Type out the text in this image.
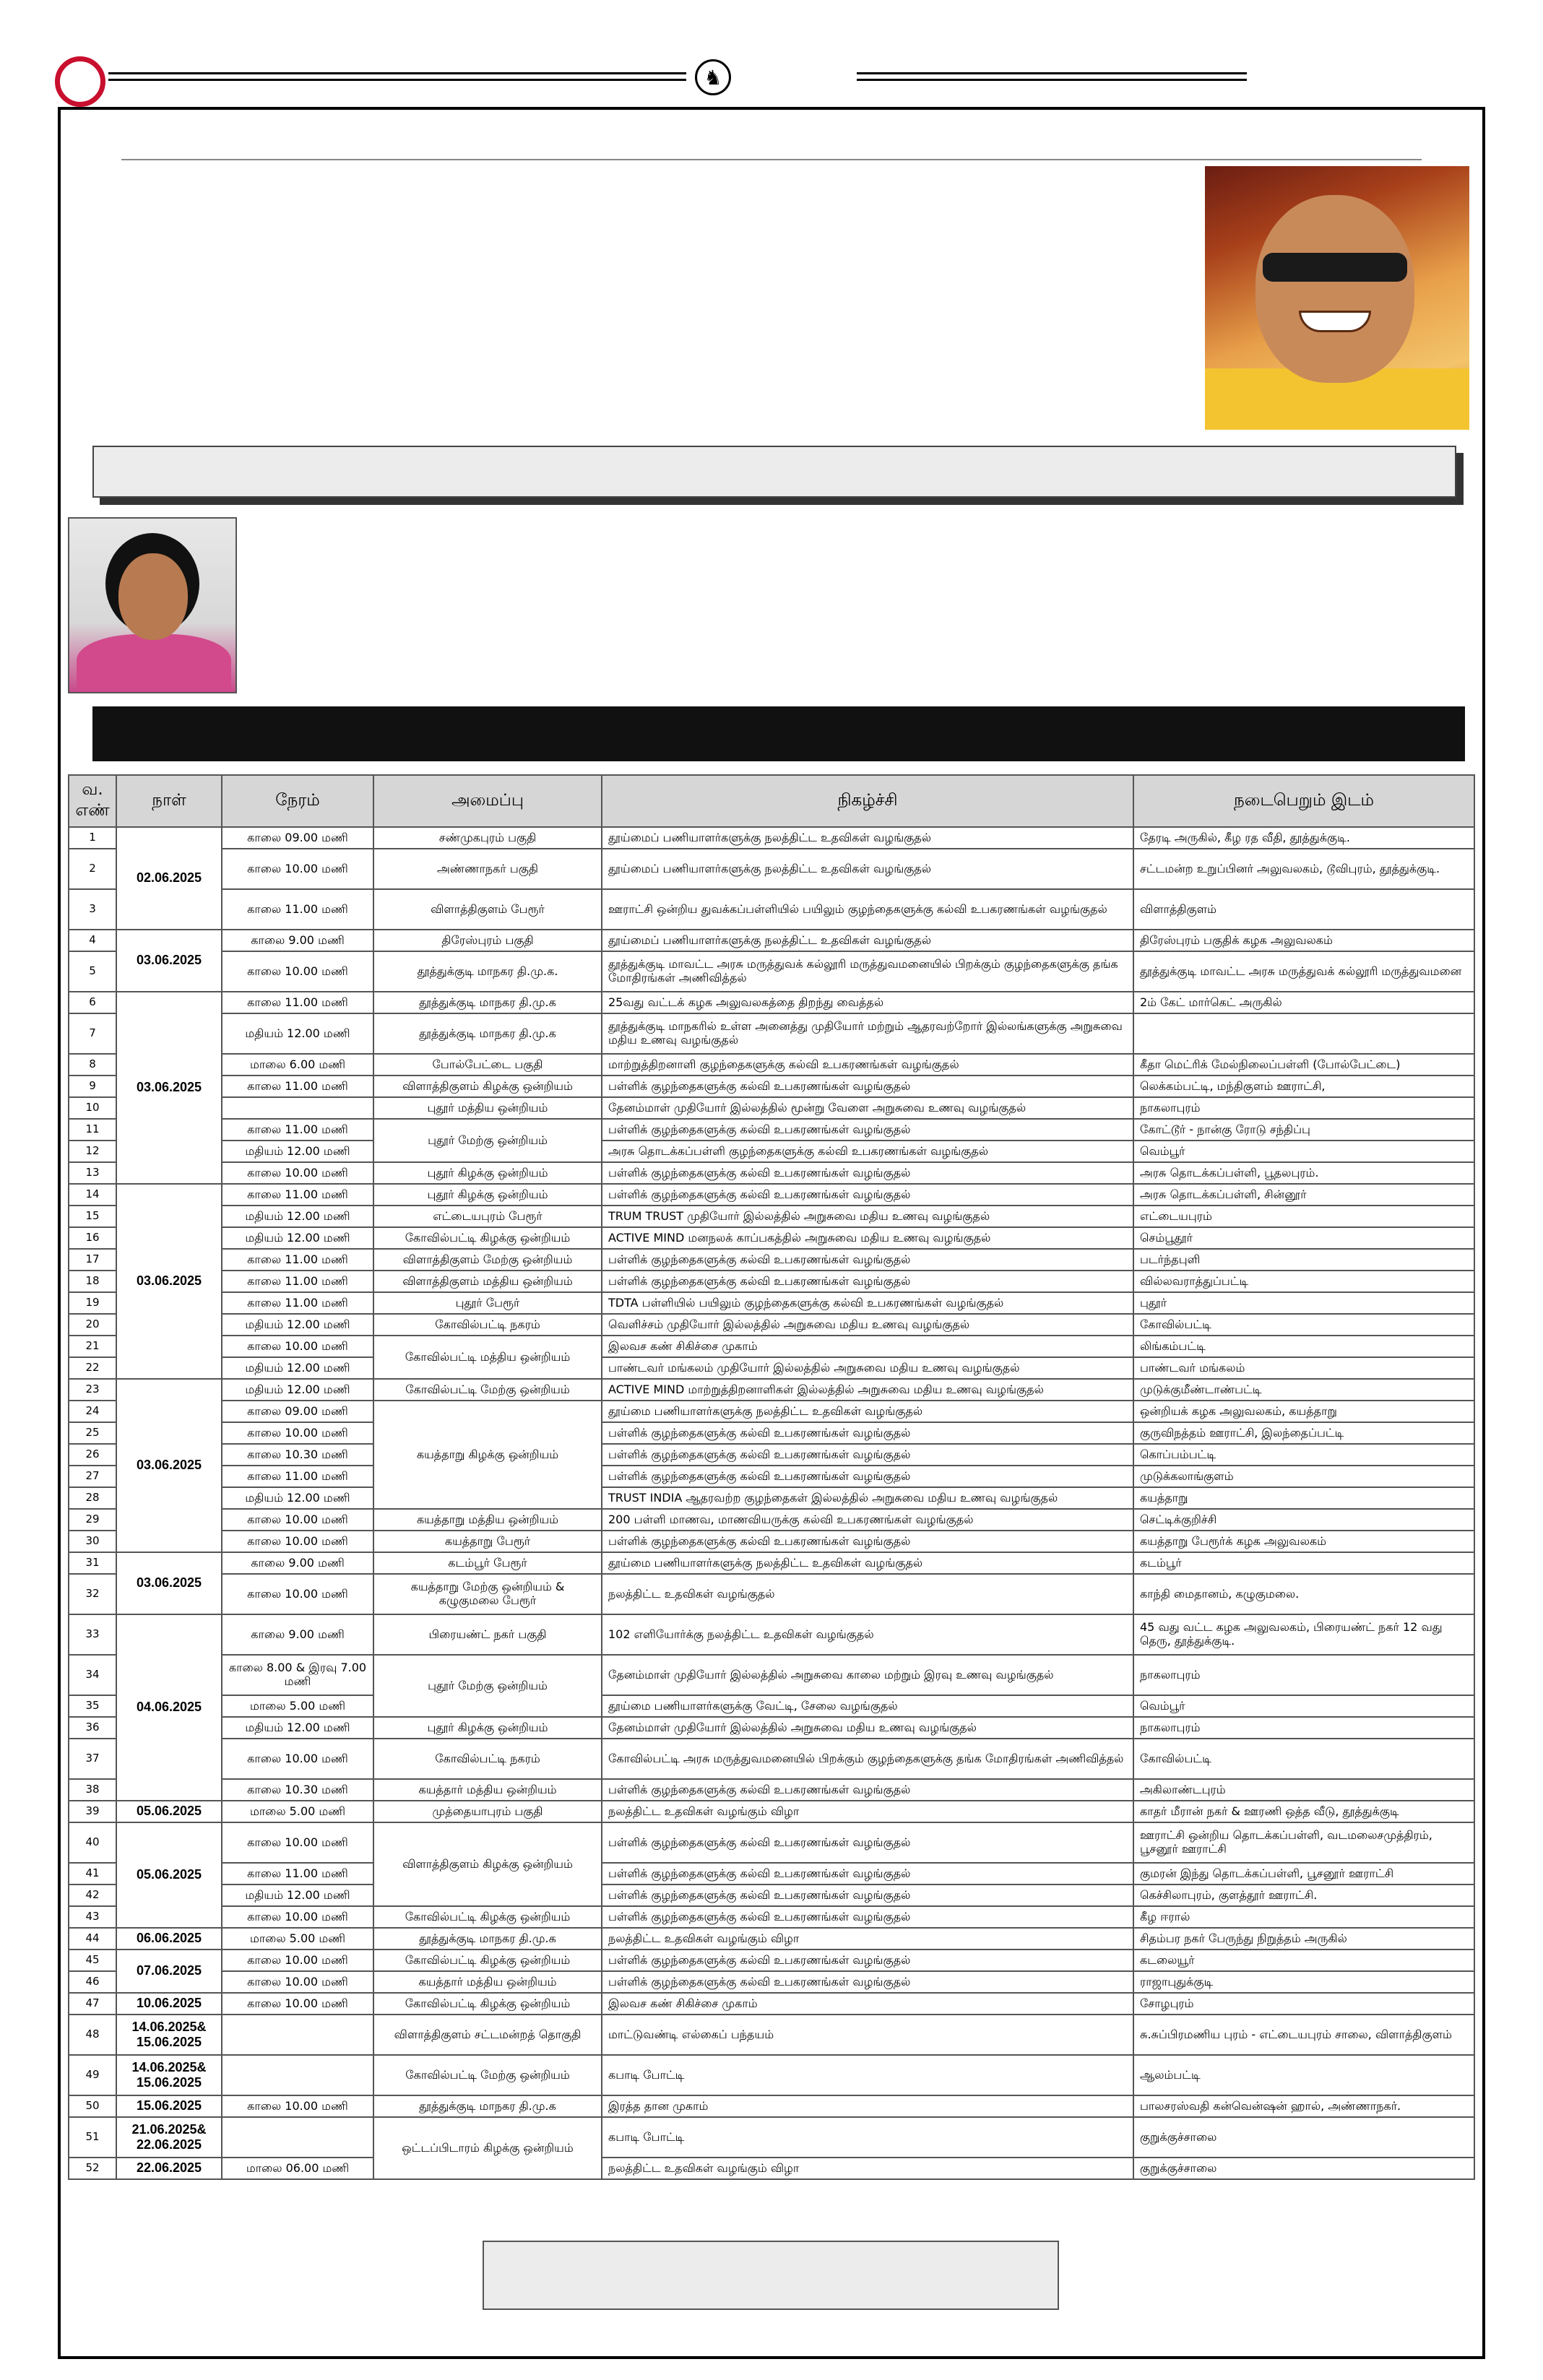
♞
வ. எண்	நாள்	நேரம்	அமைப்பு	நிகழ்ச்சி	நடைபெறும் இடம்
1	02.06.2025	காலை 09.00 மணி	சண்முகபுரம் பகுதி	தூய்மைப் பணியாளர்களுக்கு நலத்திட்ட உதவிகள் வழங்குதல்	தேரடி அருகில், கீழ ரத வீதி, தூத்துக்குடி.
2		காலை 10.00 மணி	அண்ணாநகர் பகுதி	தூய்மைப் பணியாளர்களுக்கு நலத்திட்ட உதவிகள் வழங்குதல்	சட்டமன்ற உறுப்பினர் அலுவலகம், டூவிபுரம், தூத்துக்குடி.
3		காலை 11.00 மணி	விளாத்திகுளம் பேரூர்	ஊராட்சி ஒன்றிய துவக்கப்பள்ளியில் பயிலும் குழந்தைகளுக்கு கல்வி உபகரணங்கள் வழங்குதல்	விளாத்திகுளம்
4	03.06.2025	காலை 9.00 மணி	திரேஸ்புரம் பகுதி	தூய்மைப் பணியாளர்களுக்கு நலத்திட்ட உதவிகள் வழங்குதல்	திரேஸ்புரம் பகுதிக் கழக அலுவலகம்
5		காலை 10.00 மணி	தூத்துக்குடி மாநகர தி.மு.க.	தூத்துக்குடி மாவட்ட அரசு மருத்துவக் கல்லூரி மருத்துவமனையில் பிறக்கும் குழந்தைகளுக்கு தங்க மோதிரங்கள் அணிவித்தல்	தூத்துக்குடி மாவட்ட அரசு மருத்துவக் கல்லூரி மருத்துவமனை
6	03.06.2025	காலை 11.00 மணி	தூத்துக்குடி மாநகர தி.மு.க	25வது வட்டக் கழக அலுவலகத்தை திறந்து வைத்தல்	2ம் கேட் மார்கெட் அருகில்
7		மதியம் 12.00 மணி	தூத்துக்குடி மாநகர தி.மு.க	தூத்துக்குடி மாநகரில் உள்ள அனைத்து முதியோர் மற்றும் ஆதரவற்றோர் இல்லங்களுக்கு அறுசுவை மதிய உணவு வழங்குதல்	
8		மாலை 6.00 மணி	போல்பேட்டை பகுதி	மாற்றுத்திறனாளி குழந்தைகளுக்கு கல்வி உபகரணங்கள் வழங்குதல்	கீதா மெட்ரிக் மேல்நிலைப்பள்ளி (போல்பேட்டை)
9		காலை 11.00 மணி	விளாத்திகுளம் கிழக்கு ஒன்றியம்	பள்ளிக் குழந்தைகளுக்கு கல்வி உபகரணங்கள் வழங்குதல்	லெக்கம்பட்டி, மந்திகுளம் ஊராட்சி,
10			புதூர் மத்திய ஒன்றியம்	தேனம்மாள் முதியோர் இல்லத்தில் மூன்று வேளை அறுசுவை உணவு வழங்குதல்	நாகலாபுரம்
11		காலை 11.00 மணி	புதூர் மேற்கு ஒன்றியம்	பள்ளிக் குழந்தைகளுக்கு கல்வி உபகரணங்கள் வழங்குதல்	கோட்டூர் - நான்கு ரோடு சந்திப்பு
12		மதியம் 12.00 மணி		அரசு தொடக்கப்பள்ளி குழந்தைகளுக்கு கல்வி உபகரணங்கள் வழங்குதல்	வெம்பூர்
13		காலை 10.00 மணி	புதூர் கிழக்கு ஒன்றியம்	பள்ளிக் குழந்தைகளுக்கு கல்வி உபகரணங்கள் வழங்குதல்	அரசு தொடக்கப்பள்ளி, பூதலபுரம்.
14	03.06.2025	காலை 11.00 மணி	புதூர் கிழக்கு ஒன்றியம்	பள்ளிக் குழந்தைகளுக்கு கல்வி உபகரணங்கள் வழங்குதல்	அரசு தொடக்கப்பள்ளி, சின்னூர்
15		மதியம் 12.00 மணி	எட்டையபுரம் பேரூர்	TRUM TRUST முதியோர் இல்லத்தில் அறுசுவை மதிய உணவு வழங்குதல்	எட்டையபுரம்
16		மதியம் 12.00 மணி	கோவில்பட்டி கிழக்கு ஒன்றியம்	ACTIVE MIND மனநலக் காப்பகத்தில் அறுசுவை மதிய உணவு வழங்குதல்	செம்பூதூர்
17		காலை 11.00 மணி	விளாத்திகுளம் மேற்கு ஒன்றியம்	பள்ளிக் குழந்தைகளுக்கு கல்வி உபகரணங்கள் வழங்குதல்	படர்ந்தபுளி
18		காலை 11.00 மணி	விளாத்திகுளம் மத்திய ஒன்றியம்	பள்ளிக் குழந்தைகளுக்கு கல்வி உபகரணங்கள் வழங்குதல்	வில்லவராத்துப்பட்டி
19		காலை 11.00 மணி	புதூர் பேரூர்	TDTA பள்ளியில் பயிலும் குழந்தைகளுக்கு கல்வி உபகரணங்கள் வழங்குதல்	புதூர்
20		மதியம் 12.00 மணி	கோவில்பட்டி நகரம்	வெளிச்சம் முதியோர் இல்லத்தில் அறுசுவை மதிய உணவு வழங்குதல்	கோவில்பட்டி
21		காலை 10.00 மணி	கோவில்பட்டி மத்திய ஒன்றியம்	இலவச கண் சிகிச்சை முகாம்	லிங்கம்பட்டி
22		மதியம் 12.00 மணி		பாண்டவர் மங்கலம் முதியோர் இல்லத்தில் அறுசுவை மதிய உணவு வழங்குதல்	பாண்டவர் மங்கலம்
23	03.06.2025	மதியம் 12.00 மணி	கோவில்பட்டி மேற்கு ஒன்றியம்	ACTIVE MIND மாற்றுத்திறனாளிகள் இல்லத்தில் அறுசுவை மதிய உணவு வழங்குதல்	முடுக்குமீண்டாண்பட்டி
24		காலை 09.00 மணி	கயத்தாறு கிழக்கு ஒன்றியம்	தூய்மை பணியாளர்களுக்கு நலத்திட்ட உதவிகள் வழங்குதல்	ஒன்றியக் கழக அலுவலகம், கயத்தாறு
25		காலை 10.00 மணி		பள்ளிக் குழந்தைகளுக்கு கல்வி உபகரணங்கள் வழங்குதல்	குருவிநத்தம் ஊராட்சி, இலந்தைப்பட்டி
26		காலை 10.30 மணி		பள்ளிக் குழந்தைகளுக்கு கல்வி உபகரணங்கள் வழங்குதல்	கொப்பம்பட்டி
27		காலை 11.00 மணி		பள்ளிக் குழந்தைகளுக்கு கல்வி உபகரணங்கள் வழங்குதல்	முடுக்கலாங்குளம்
28		மதியம் 12.00 மணி		TRUST INDIA ஆதரவற்ற குழந்தைகள் இல்லத்தில் அறுசுவை மதிய உணவு வழங்குதல்	கயத்தாறு
29		காலை 10.00 மணி	கயத்தாறு மத்திய ஒன்றியம்	200 பள்ளி மாணவ, மாணவியருக்கு கல்வி உபகரணங்கள் வழங்குதல்	செட்டிக்குறிச்சி
30		காலை 10.00 மணி	கயத்தாறு பேரூர்	பள்ளிக் குழந்தைகளுக்கு கல்வி உபகரணங்கள் வழங்குதல்	கயத்தாறு பேரூர்க் கழக அலுவலகம்
31	03.06.2025	காலை 9.00 மணி	கடம்பூர் பேரூர்	தூய்மை பணியாளர்களுக்கு நலத்திட்ட உதவிகள் வழங்குதல்	கடம்பூர்
32		காலை 10.00 மணி	கயத்தாறு மேற்கு ஒன்றியம் & கழுகுமலை பேரூர்	நலத்திட்ட உதவிகள் வழங்குதல்	காந்தி மைதானம், கழுகுமலை.
33	04.06.2025	காலை 9.00 மணி	பிரையண்ட் நகர் பகுதி	102 எளியோர்க்கு நலத்திட்ட உதவிகள் வழங்குதல்	45 வது வட்ட கழக அலுவலகம், பிரையண்ட் நகர் 12 வது தெரு, தூத்துக்குடி.
34		காலை 8.00 & இரவு 7.00 மணி	புதூர் மேற்கு ஒன்றியம்	தேனம்மாள் முதியோர் இல்லத்தில் அறுசுவை காலை மற்றும் இரவு உணவு வழங்குதல்	நாகலாபுரம்
35		மாலை 5.00 மணி		தூய்மை பணியாளர்களுக்கு வேட்டி, சேலை வழங்குதல்	வெம்பூர்
36		மதியம் 12.00 மணி	புதூர் கிழக்கு ஒன்றியம்	தேனம்மாள் முதியோர் இல்லத்தில் அறுசுவை மதிய உணவு வழங்குதல்	நாகலாபுரம்
37		காலை 10.00 மணி	கோவில்பட்டி நகரம்	கோவில்பட்டி அரசு மருத்துவமனையில் பிறக்கும் குழந்தைகளுக்கு தங்க மோதிரங்கள் அணிவித்தல்	கோவில்பட்டி
38		காலை 10.30 மணி	கயத்தார் மத்திய ஒன்றியம்	பள்ளிக் குழந்தைகளுக்கு கல்வி உபகரணங்கள் வழங்குதல்	அகிலாண்டபுரம்
39	05.06.2025	மாலை 5.00 மணி	முத்தையாபுரம் பகுதி	நலத்திட்ட உதவிகள் வழங்கும் விழா	காதர் மீரான் நகர் & ஊரணி ஒத்த வீடு, தூத்துக்குடி
40	05.06.2025	காலை 10.00 மணி	விளாத்திகுளம் கிழக்கு ஒன்றியம்	பள்ளிக் குழந்தைகளுக்கு கல்வி உபகரணங்கள் வழங்குதல்	ஊராட்சி ஒன்றிய தொடக்கப்பள்ளி, வடமலைசமுத்திரம், பூசனூர் ஊராட்சி
41		காலை 11.00 மணி		பள்ளிக் குழந்தைகளுக்கு கல்வி உபகரணங்கள் வழங்குதல்	குமரன் இந்து தொடக்கப்பள்ளி, பூசனூர் ஊராட்சி
42		மதியம் 12.00 மணி		பள்ளிக் குழந்தைகளுக்கு கல்வி உபகரணங்கள் வழங்குதல்	கெச்சிலாபுரம், குளத்தூர் ஊராட்சி.
43		காலை 10.00 மணி	கோவில்பட்டி கிழக்கு ஒன்றியம்	பள்ளிக் குழந்தைகளுக்கு கல்வி உபகரணங்கள் வழங்குதல்	கீழ ஈரால்
44	06.06.2025	மாலை 5.00 மணி	தூத்துக்குடி மாநகர தி.மு.க	நலத்திட்ட உதவிகள் வழங்கும் விழா	சிதம்பர நகர் பேருந்து நிறுத்தம் அருகில்
45	07.06.2025	காலை 10.00 மணி	கோவில்பட்டி கிழக்கு ஒன்றியம்	பள்ளிக் குழந்தைகளுக்கு கல்வி உபகரணங்கள் வழங்குதல்	கடலையூர்
46		காலை 10.00 மணி	கயத்தார் மத்திய ஒன்றியம்	பள்ளிக் குழந்தைகளுக்கு கல்வி உபகரணங்கள் வழங்குதல்	ராஜாபுதுக்குடி
47	10.06.2025	காலை 10.00 மணி	கோவில்பட்டி கிழக்கு ஒன்றியம்	இலவச கண் சிகிச்சை முகாம்	சோழபுரம்
48	14.06.2025& 15.06.2025		விளாத்திகுளம் சட்டமன்றத் தொகுதி	மாட்டுவண்டி எல்கைப் பந்தயம்	சு.சுப்பிரமணிய புரம் - எட்டையபுரம் சாலை, விளாத்திகுளம்
49	14.06.2025& 15.06.2025		கோவில்பட்டி மேற்கு ஒன்றியம்	கபாடி போட்டி	ஆலம்பட்டி
50	15.06.2025	காலை 10.00 மணி	தூத்துக்குடி மாநகர தி.மு.க	இரத்த தான முகாம்	பாலசரஸ்வதி கன்வென்ஷன் ஹால், அண்ணாநகர்.
51	21.06.2025& 22.06.2025		ஒட்டப்பிடாரம் கிழக்கு ஒன்றியம்	கபாடி போட்டி	குறுக்குச்சாலை
52	22.06.2025	மாலை 06.00 மணி		நலத்திட்ட உதவிகள் வழங்கும் விழா	குறுக்குச்சாலை
